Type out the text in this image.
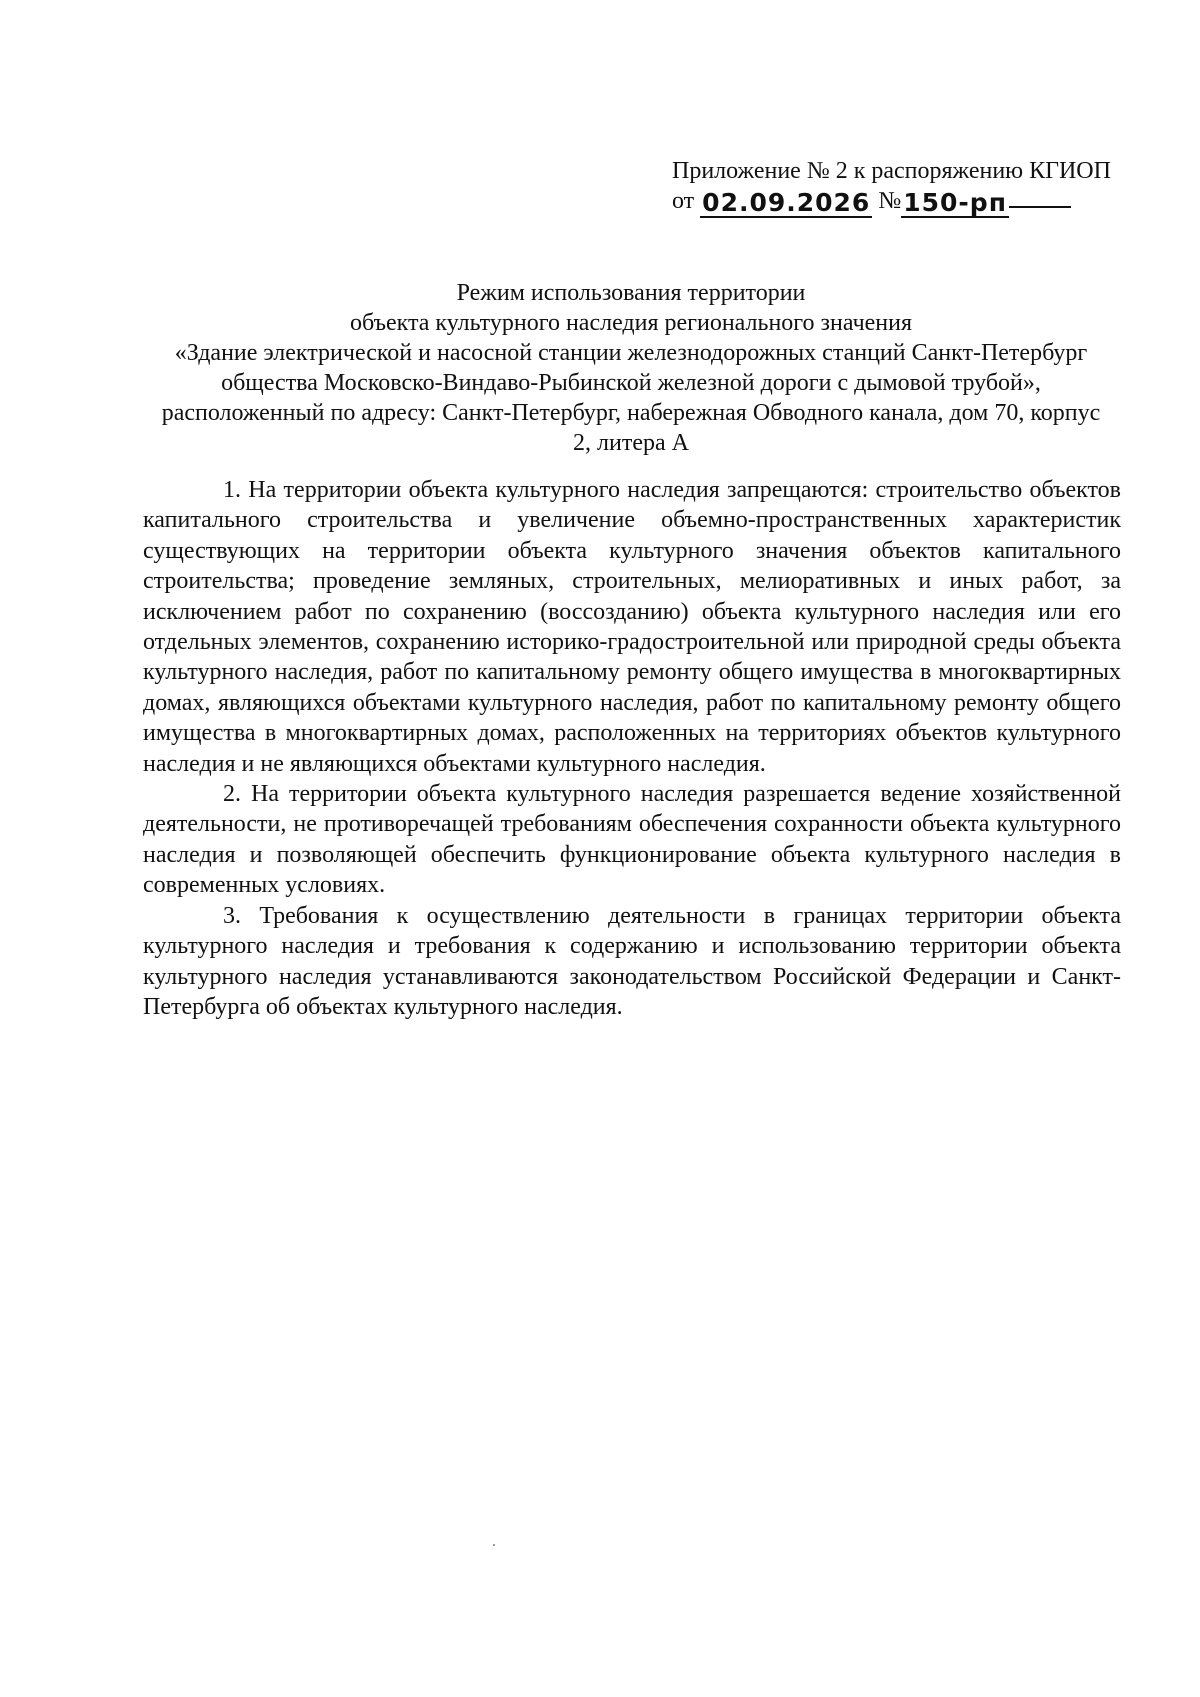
Приложение № 2 к распоряжению КГИОП
от 02.09.2026 №150-рп
Режим использования территории
объекта культурного наследия регионального значения
«Здание электрической и насосной станции железнодорожных станций Санкт-Петербург
общества Московско-Виндаво-Рыбинской железной дороги с дымовой трубой»,
расположенный по адресу: Санкт-Петербург, набережная Обводного канала, дом 70, корпус
2, литера А

1. На территории объекта культурного наследия запрещаются: строительство объектов капитального строительства и увеличение объемно-пространственных характеристик существующих на территории объекта культурного значения объектов капитального строительства; проведение земляных, строительных, мелиоративных и иных работ, за исключением работ по сохранению (воссозданию) объекта культурного наследия или его отдельных элементов, сохранению историко-градостроительной или природной среды объекта культурного наследия, работ по капитальному ремонту общего имущества в многоквартирных домах, являющихся объектами культурного наследия, работ по капитальному ремонту общего имущества в многоквартирных домах, расположенных на территориях объектов культурного наследия и не являющихся объектами культурного наследия.

2. На территории объекта культурного наследия разрешается ведение хозяйственной деятельности, не противоречащей требованиям обеспечения сохранности объекта культурного наследия и позволяющей обеспечить функционирование объекта культурного наследия в современных условиях.

3. Требования к осуществлению деятельности в границах территории объекта культурного наследия и требования к содержанию и использованию территории объекта культурного наследия устанавливаются законодательством Российской Федерации и Санкт-Петербурга об объектах культурного наследия.
